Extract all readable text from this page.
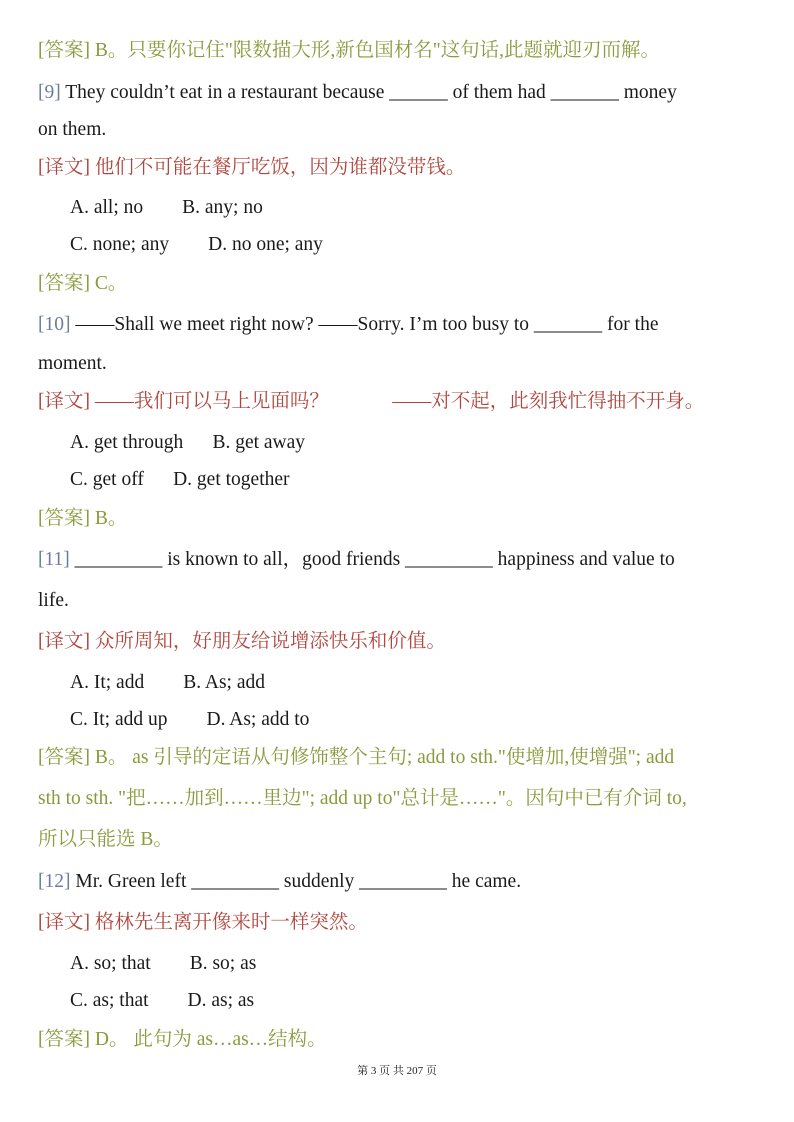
[答案] B。只要你记住"限数描大形,新色国材名"这句话,此题就迎刃而解。
[9] They couldn’t eat in a restaurant because ______ of them had _______ money
on them.
[译文] 他们不可能在餐厅吃饭，因为谁都没带钱。
A. all; no        B. any; no
C. none; any        D. no one; any
[答案] C。
[10] ――Shall we meet right now? ――Sorry. I’m too busy to _______ for the
moment.
[译文] ――我们可以马上见面吗？             ――对不起，此刻我忙得抽不开身。
A. get through      B. get away
C. get off      D. get together
[答案] B。
[11] _________ is known to all，good friends _________ happiness and value to
life.
[译文] 众所周知，好朋友给说增添快乐和价值。
A. It; add        B. As; add
C. It; add up        D. As; add to
[答案] B。 as 引导的定语从句修饰整个主句; add to sth."使增加,使增强"; add
sth to sth. "把……加到……里边"; add up to"总计是……"。因句中已有介词 to,
所以只能选 B。
[12] Mr. Green left _________ suddenly _________ he came.
[译文] 格林先生离开像来时一样突然。
A. so; that        B. so; as
C. as; that        D. as; as
[答案] D。 此句为 as…as…结构。
第 3 页 共 207 页
